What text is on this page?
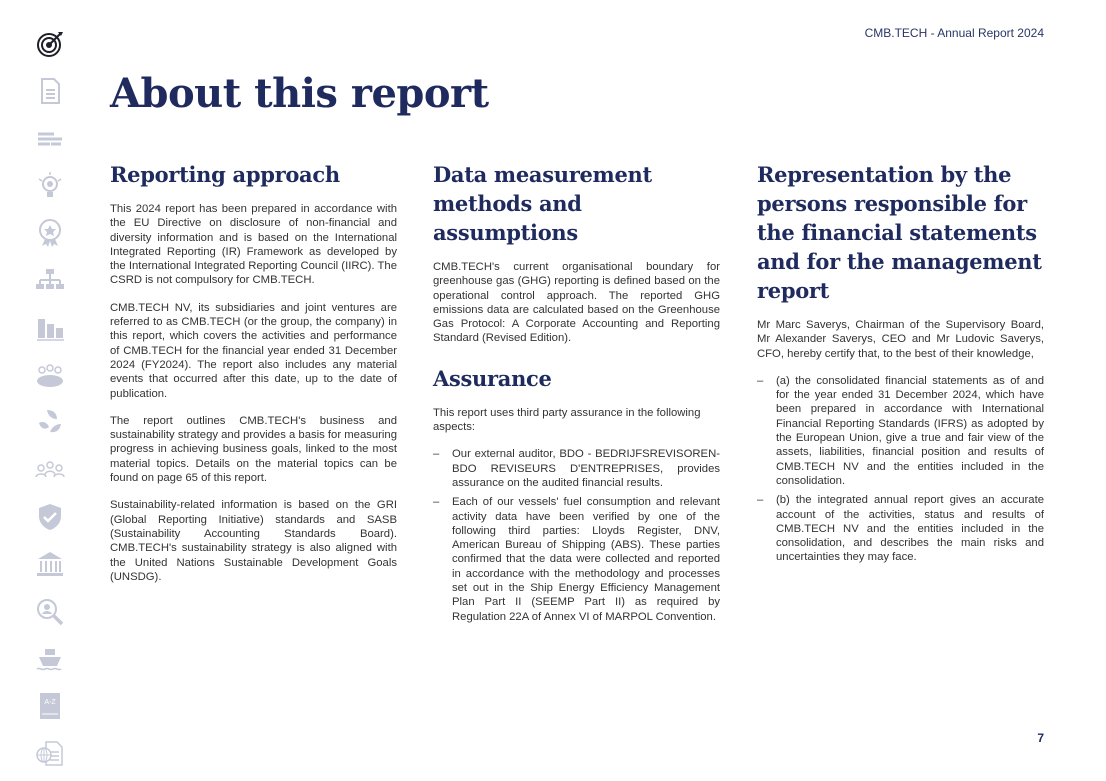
CMB.TECH - Annual Report 2024
A-Z
About this report
Reporting approach

This 2024 report has been prepared in accordance with the EU Directive on disclosure of non-financial and diversity information and is based on the International Integrated Reporting (IR) Framework as developed by the International Integrated Reporting Council (IIRC). The CSRD is not compulsory for CMB.TECH.

CMB.TECH NV, its subsidiaries and joint ventures are referred to as CMB.TECH (or the group, the company) in this report, which covers the activities and performance of CMB.TECH for the financial year ended 31 December 2024 (FY2024). The report also includes any material events that occurred after this date, up to the date of publication.

The report outlines CMB.TECH's business and sustainability strategy and provides a basis for measuring progress in achieving business goals, linked to the most material topics. Details on the material topics can be found on page 65 of this report.

Sustainability-related information is based on the GRI (Global Reporting Initiative) standards and SASB (Sustainability Accounting Standards Board). CMB.TECH's sustainability strategy is also aligned with the United Nations Sustainable Development Goals (UNSDG).

Data measurement methods and assumptions

CMB.TECH's current organisational boundary for greenhouse gas (GHG) reporting is defined based on the operational control approach. The reported GHG emissions data are calculated based on the Greenhouse Gas Protocol: A Corporate Accounting and Reporting Standard (Revised Edition).

Assurance

This report uses third party assurance in the following aspects:

– Our external auditor, BDO - BEDRIJFSREVISOREN-BDO REVISEURS D'ENTREPRISES, provides assurance on the audited financial results.
– Each of our vessels' fuel consumption and relevant activity data have been verified by one of the following third parties: Lloyds Register, DNV, American Bureau of Shipping (ABS). These parties confirmed that the data were collected and reported in accordance with the methodology and processes set out in the Ship Energy Efficiency Management Plan Part II (SEEMP Part II) as required by Regulation 22A of Annex VI of MARPOL Convention.
Representation by the persons responsible for the financial statements and for the management report

Mr Marc Saverys, Chairman of the Supervisory Board, Mr Alexander Saverys, CEO and Mr Ludovic Saverys, CFO, hereby certify that, to the best of their knowledge,

– (a) the consolidated financial statements as of and for the year ended 31 December 2024, which have been prepared in accordance with International Financial Reporting Standards (IFRS) as adopted by the European Union, give a true and fair view of the assets, liabilities, financial position and results of CMB.TECH NV and the entities included in the consolidation.
– (b) the integrated annual report gives an accurate account of the activities, status and results of CMB.TECH NV and the entities included in the consolidation, and describes the main risks and uncertainties they may face.
7
